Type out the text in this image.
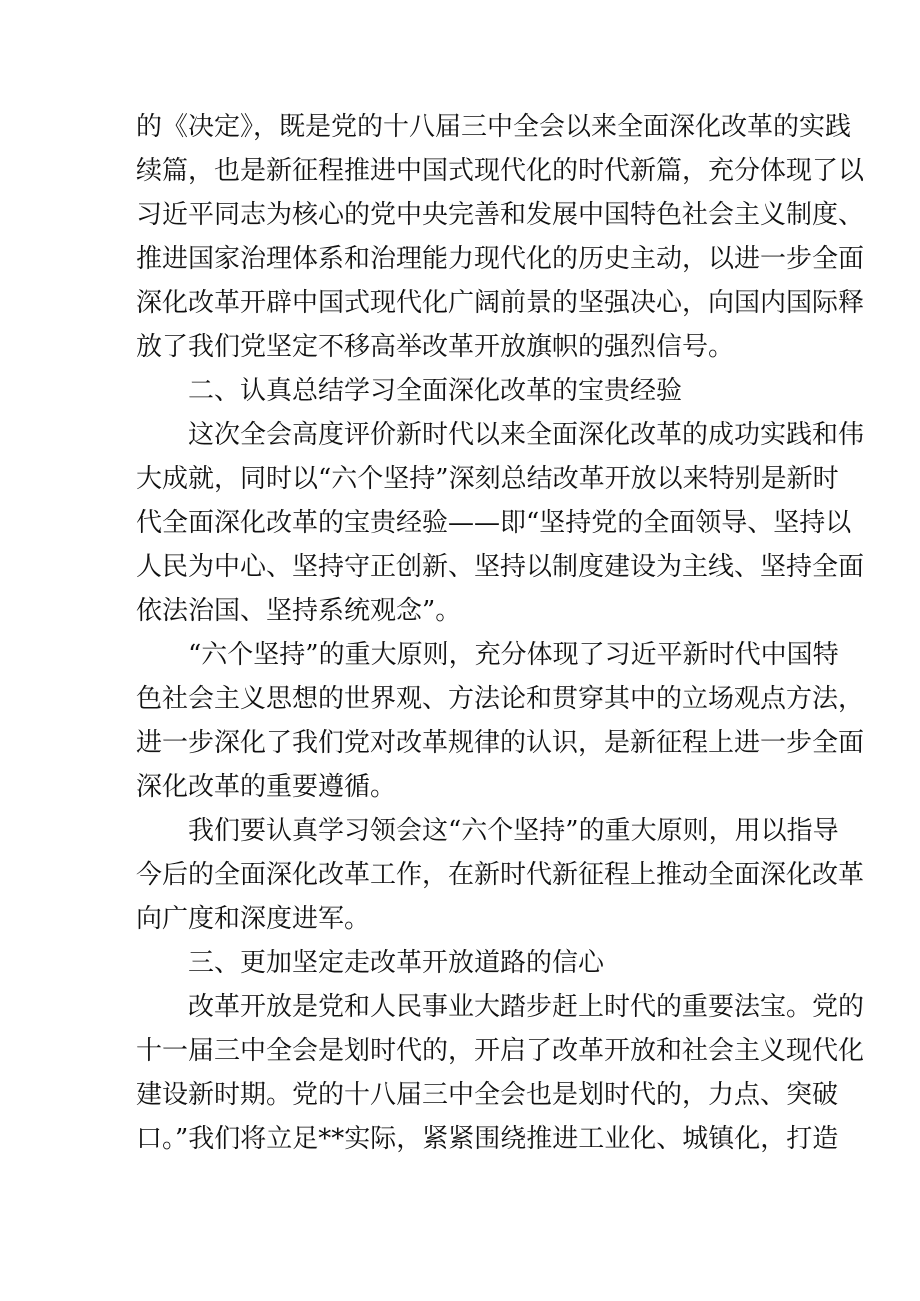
的《决定》，既是党的十八届三中全会以来全面深化改革的实践
续篇，也是新征程推进中国式现代化的时代新篇，充分体现了以
习近平同志为核心的党中央完善和发展中国特色社会主义制度、
推进国家治理体系和治理能力现代化的历史主动，以进一步全面
深化改革开辟中国式现代化广阔前景的坚强决心，向国内国际释
放了我们党坚定不移高举改革开放旗帜的强烈信号。
二、认真总结学习全面深化改革的宝贵经验
这次全会高度评价新时代以来全面深化改革的成功实践和伟
大成就，同时以“六个坚持”深刻总结改革开放以来特别是新时
代全面深化改革的宝贵经验——即“坚持党的全面领导、坚持以
人民为中心、坚持守正创新、坚持以制度建设为主线、坚持全面
依法治国、坚持系统观念”。
“六个坚持”的重大原则，充分体现了习近平新时代中国特
色社会主义思想的世界观、方法论和贯穿其中的立场观点方法，
进一步深化了我们党对改革规律的认识，是新征程上进一步全面
深化改革的重要遵循。
我们要认真学习领会这“六个坚持”的重大原则，用以指导
今后的全面深化改革工作，在新时代新征程上推动全面深化改革
向广度和深度进军。
三、更加坚定走改革开放道路的信心
改革开放是党和人民事业大踏步赶上时代的重要法宝。党的
十一届三中全会是划时代的，开启了改革开放和社会主义现代化
建设新时期。党的十八届三中全会也是划时代的，力点、突破
口。”我们将立足**实际，紧紧围绕推进工业化、城镇化，打造
